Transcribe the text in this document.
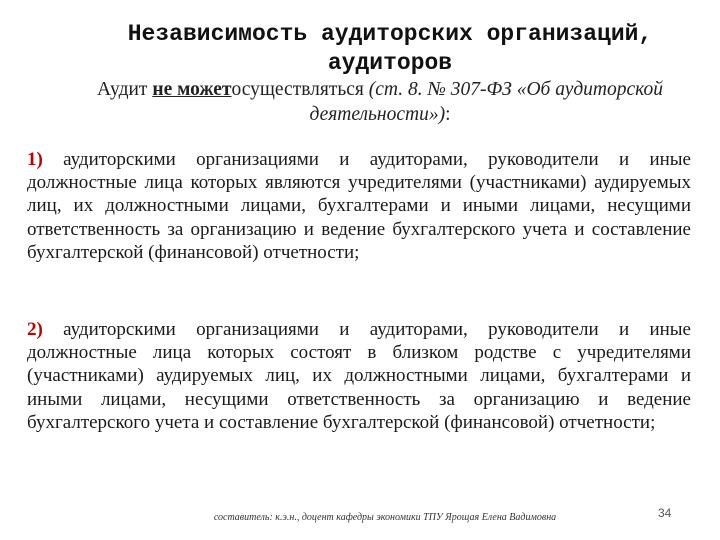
Независимость аудиторских организаций,
аудиторов
Аудит не можетосуществляться (ст. 8. № 307-ФЗ «Об аудиторской деятельности»):
1) аудиторскими организациями и аудиторами, руководители и иные должностные лица которых являются учредителями (участниками) аудируемых лиц, их должностными лицами, бухгалтерами и иными лицами, несущими ответственность за организацию и ведение бухгалтерского учета и составление бухгалтерской (финансовой) отчетности;
2) аудиторскими организациями и аудиторами, руководители и иные должностные лица которых состоят в близком родстве с учредителями (участниками) аудируемых лиц, их должностными лицами, бухгалтерами и иными лицами, несущими ответственность за организацию и ведение бухгалтерского учета и составление бухгалтерской (финансовой) отчетности;
составитель: к.э.н., доцент кафедры экономики ТПУ Ярощая Елена Вадимовна	34
